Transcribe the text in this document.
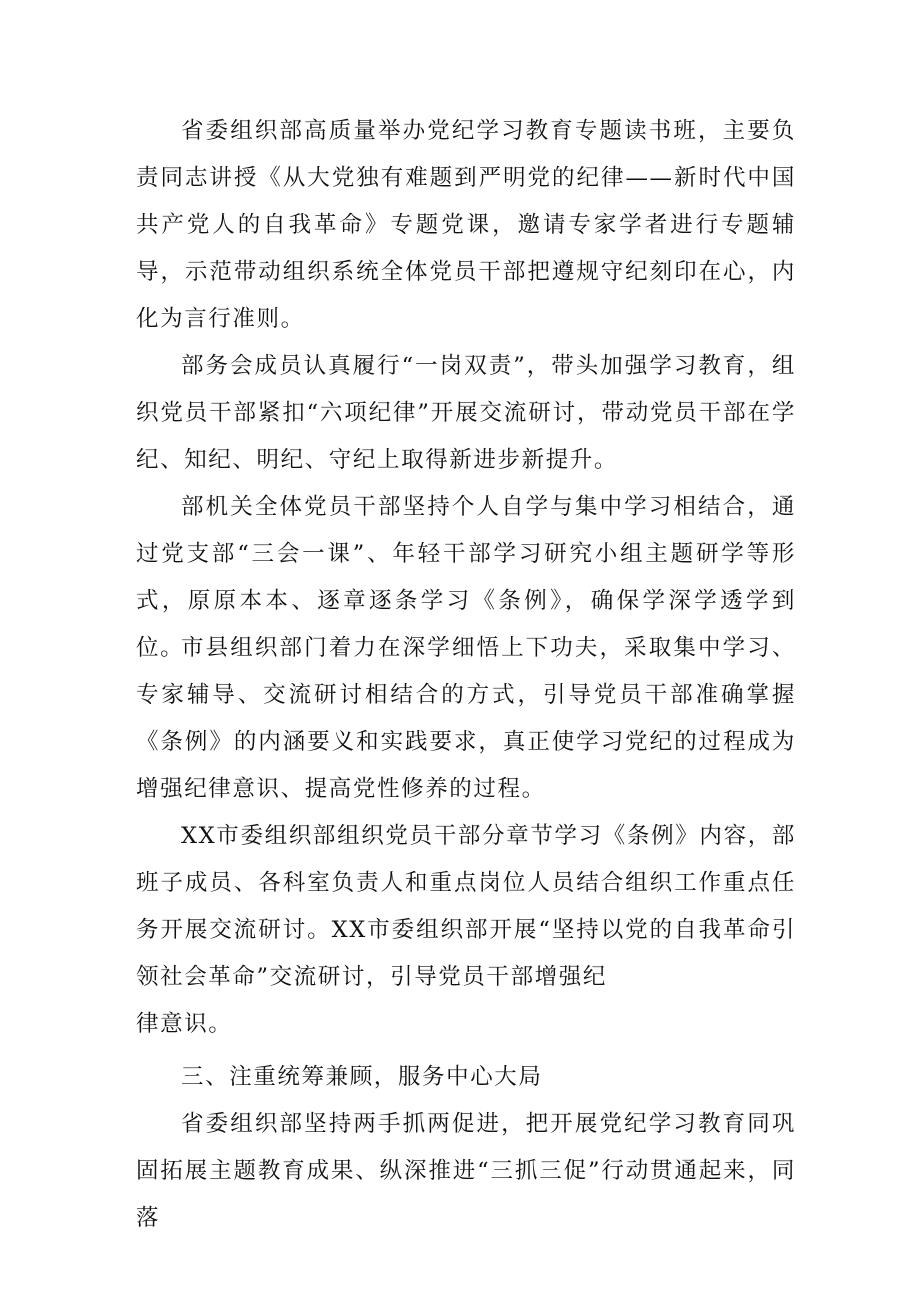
省委组织部高质量举办党纪学习教育专题读书班，主要负责同志讲授《从大党独有难题到严明党的纪律——新时代中国共产党人的自我革命》专题党课，邀请专家学者进行专题辅导，示范带动组织系统全体党员干部把遵规守纪刻印在心，内化为言行准则。

部务会成员认真履行“一岗双责”，带头加强学习教育，组织党员干部紧扣“六项纪律”开展交流研讨，带动党员干部在学纪、知纪、明纪、守纪上取得新进步新提升。

部机关全体党员干部坚持个人自学与集中学习相结合，通过党支部“三会一课”、年轻干部学习研究小组主题研学等形式，原原本本、逐章逐条学习《条例》，确保学深学透学到位。

市县组织部门着力在深学细悟上下功夫，采取集中学习、专家辅导、交流研讨相结合的方式，引导党员干部准确掌握《条例》的内涵要义和实践要求，真正使学习党纪的过程成为增强纪律意识、提高党性修养的过程。

XX市委组织部组织党员干部分章节学习《条例》内容，部班子成员、各科室负责人和重点岗位人员结合组织工作重点任务开展交流研讨。XX市委组织部开展“坚持以党的自我革命引领社会革命”交流研讨，引导党员干部增强纪

律意识。

三、注重统筹兼顾，服务中心大局

省委组织部坚持两手抓两促进，把开展党纪学习教育同巩固拓展主题教育成果、纵深推进“三抓三促”行动贯通起来，同落
